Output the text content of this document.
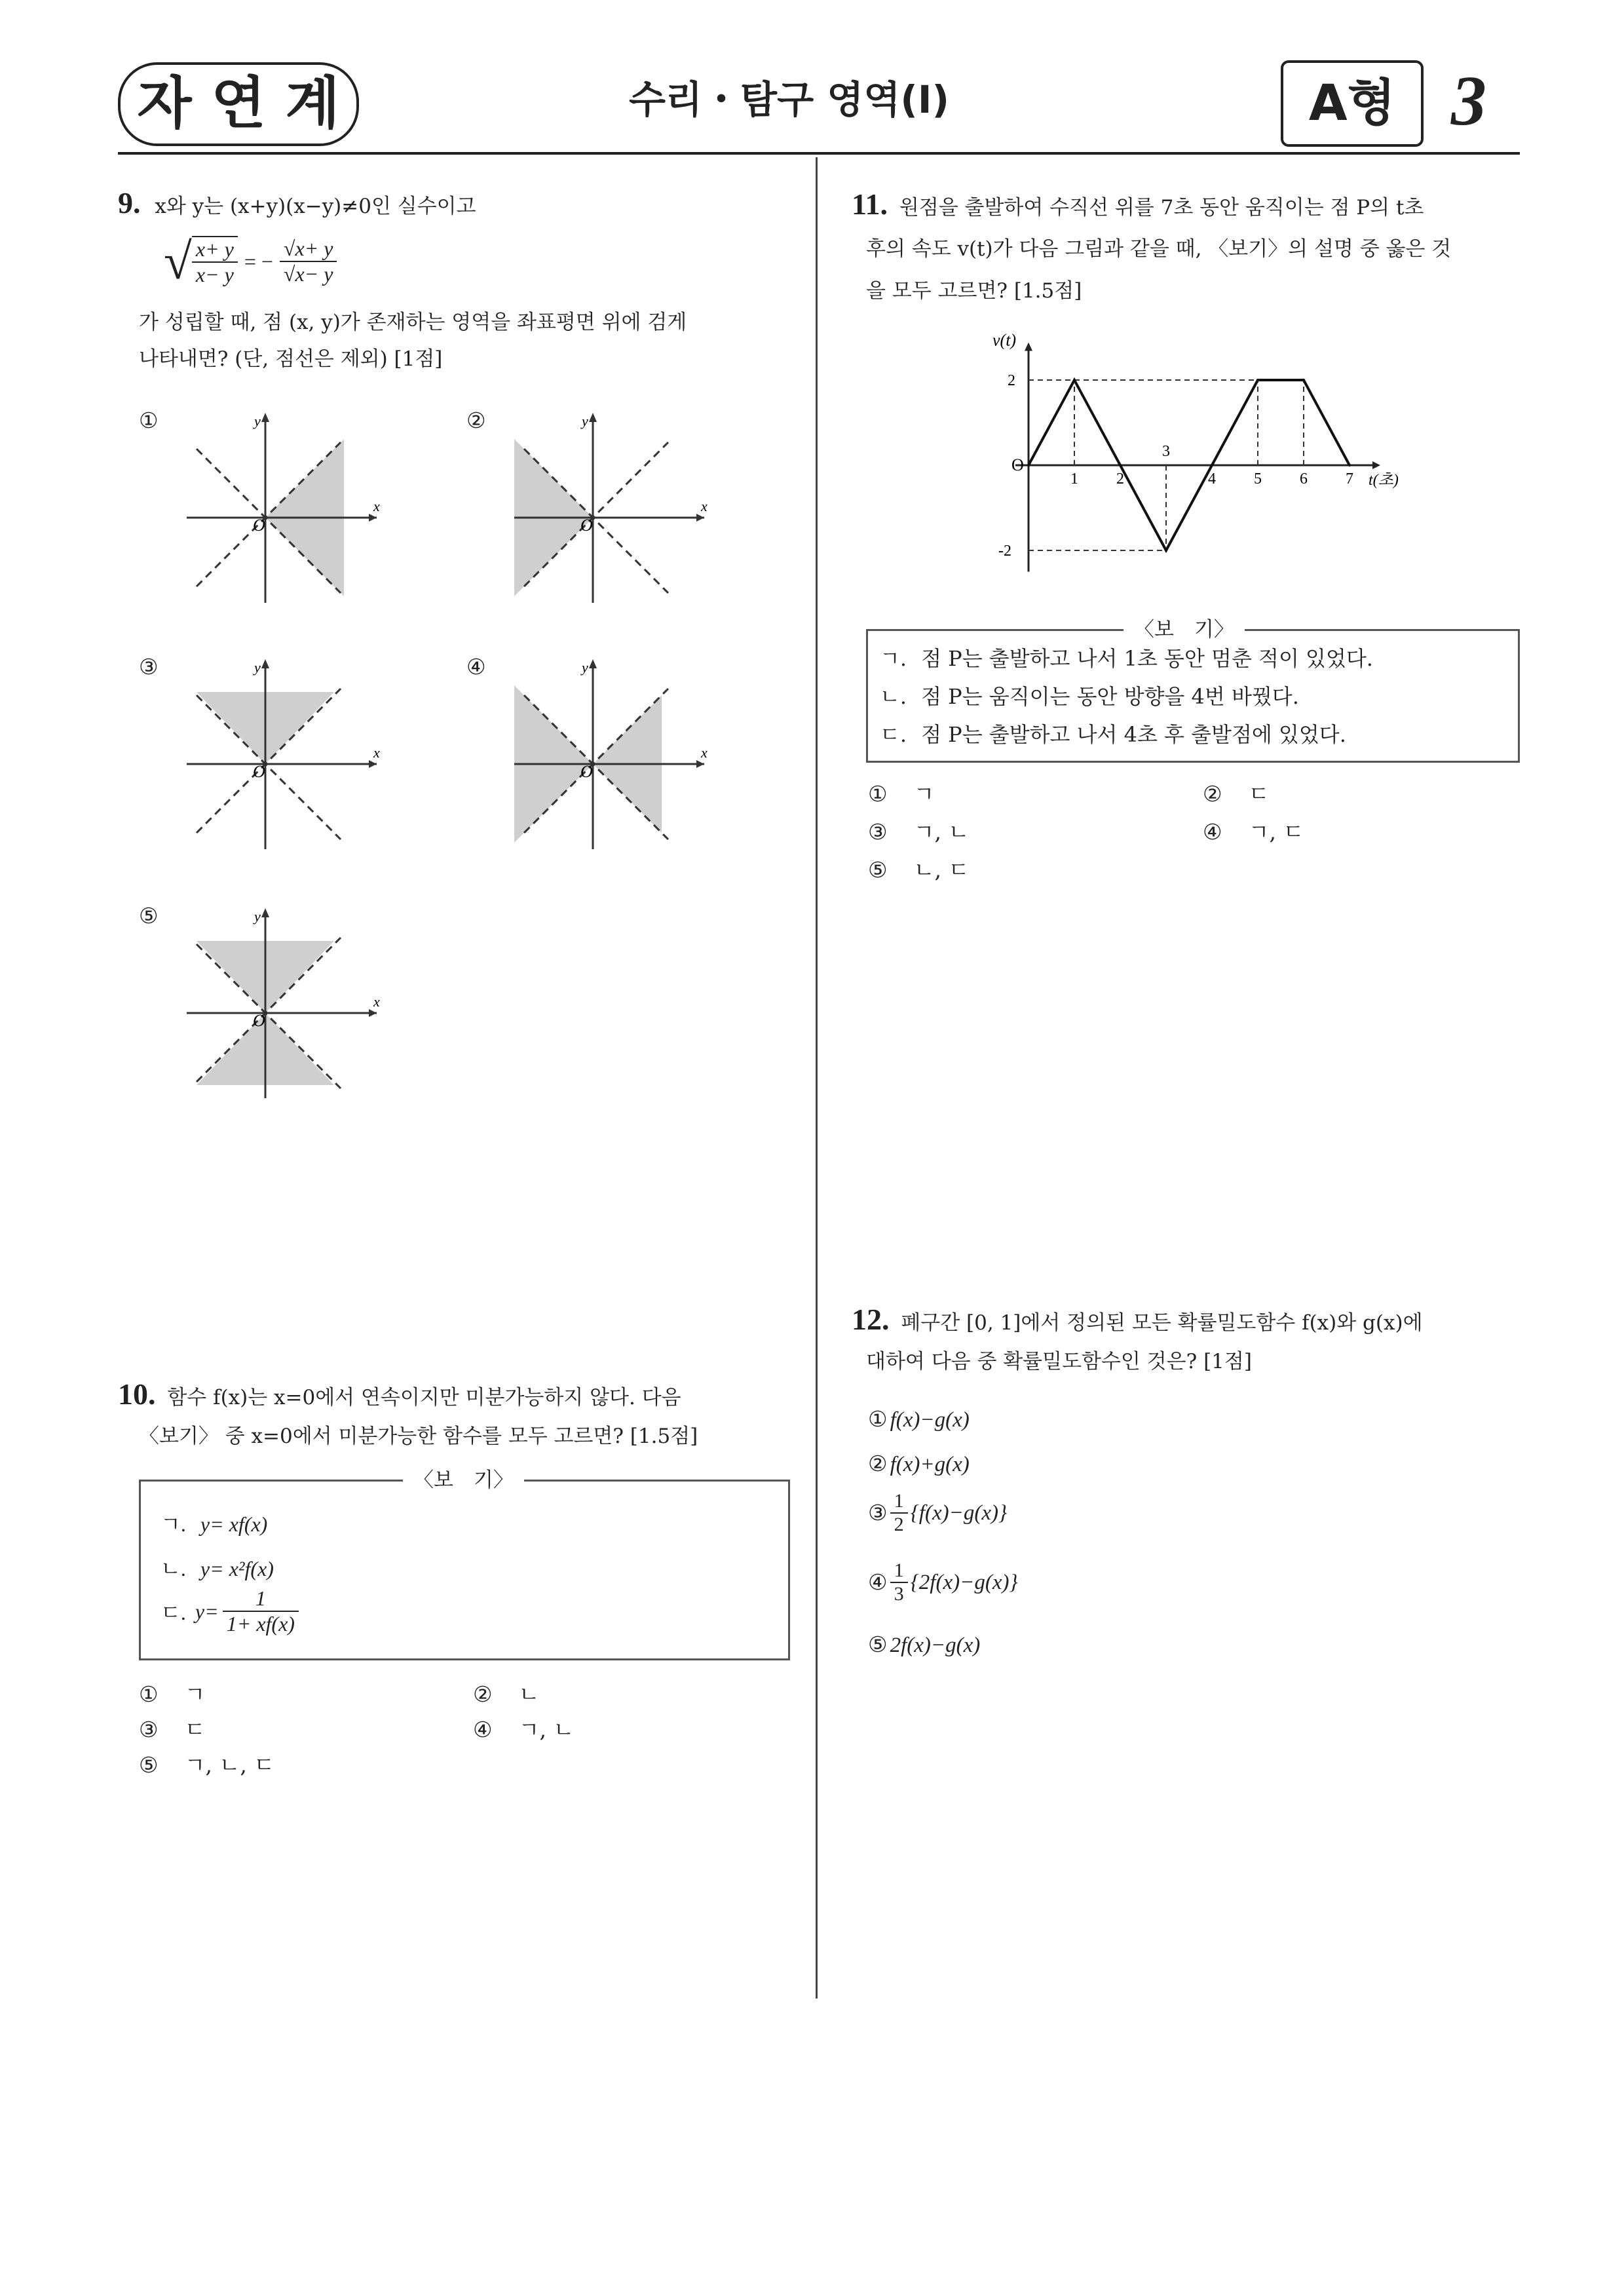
자 연 계	수리・탐구 영역(Ⅰ)	A형 3
9. x와 y는 (x+y)(x−y)≠0인 실수이고
√ $\frac{x+ y}{x- y}$ = − $\frac{√x+ y}{√x- y}$
가 성립할 때, 점 (x, y)가 존재하는 영역을 좌표평면 위에 검게
나타내면? (단, 점선은 제외) [1점]
①	②
③	④
⑤
O
x
y
O
x
y
O
x
y
O
x
y
O
x
y
10. 함수 f(x)는 x=0에서 연속이지만 미분가능하지 않다. 다음
〈보기〉 중 x=0에서 미분가능한 함수를 모두 고르면? [1.5점]
〈보　기〉
ㄱ. y= xf(x)
ㄴ. y= x²f(x)
ㄷ. $y= \frac{1}{1+ xf(x)}$
① ㄱ	② ㄴ
③ ㄷ	④ ㄱ, ㄴ
⑤ ㄱ, ㄴ, ㄷ
11. 원점을 출발하여 수직선 위를 7초 동안 움직이는 점 P의 t초
후의 속도 v(t)가 다음 그림과 같을 때, 〈보기〉의 설명 중 옳은 것
을 모두 고르면? [1.5점]
1 2
3
4 5 6 7
2
-2
O
v(t)
t(초)
〈보　기〉
ㄱ. 점 P는 출발하고 나서 1초 동안 멈춘 적이 있었다.
ㄴ. 점 P는 움직이는 동안 방향을 4번 바꿨다.
ㄷ. 점 P는 출발하고 나서 4초 후 출발점에 있었다.
① ㄱ	② ㄷ
③ ㄱ, ㄴ	④ ㄱ, ㄷ
⑤ ㄴ, ㄷ
12. 폐구간 [0, 1]에서 정의된 모든 확률밀도함수 f(x)와 g(x)에
대하여 다음 중 확률밀도함수인 것은? [1점]
① f(x)−g(x)
② f(x)+g(x)
③ $\frac{1}{2} \{f(x)-g(x)\}$
④ $\frac{1}{3} \{2f(x)-g(x)\}$
⑤ 2f(x)−g(x)
